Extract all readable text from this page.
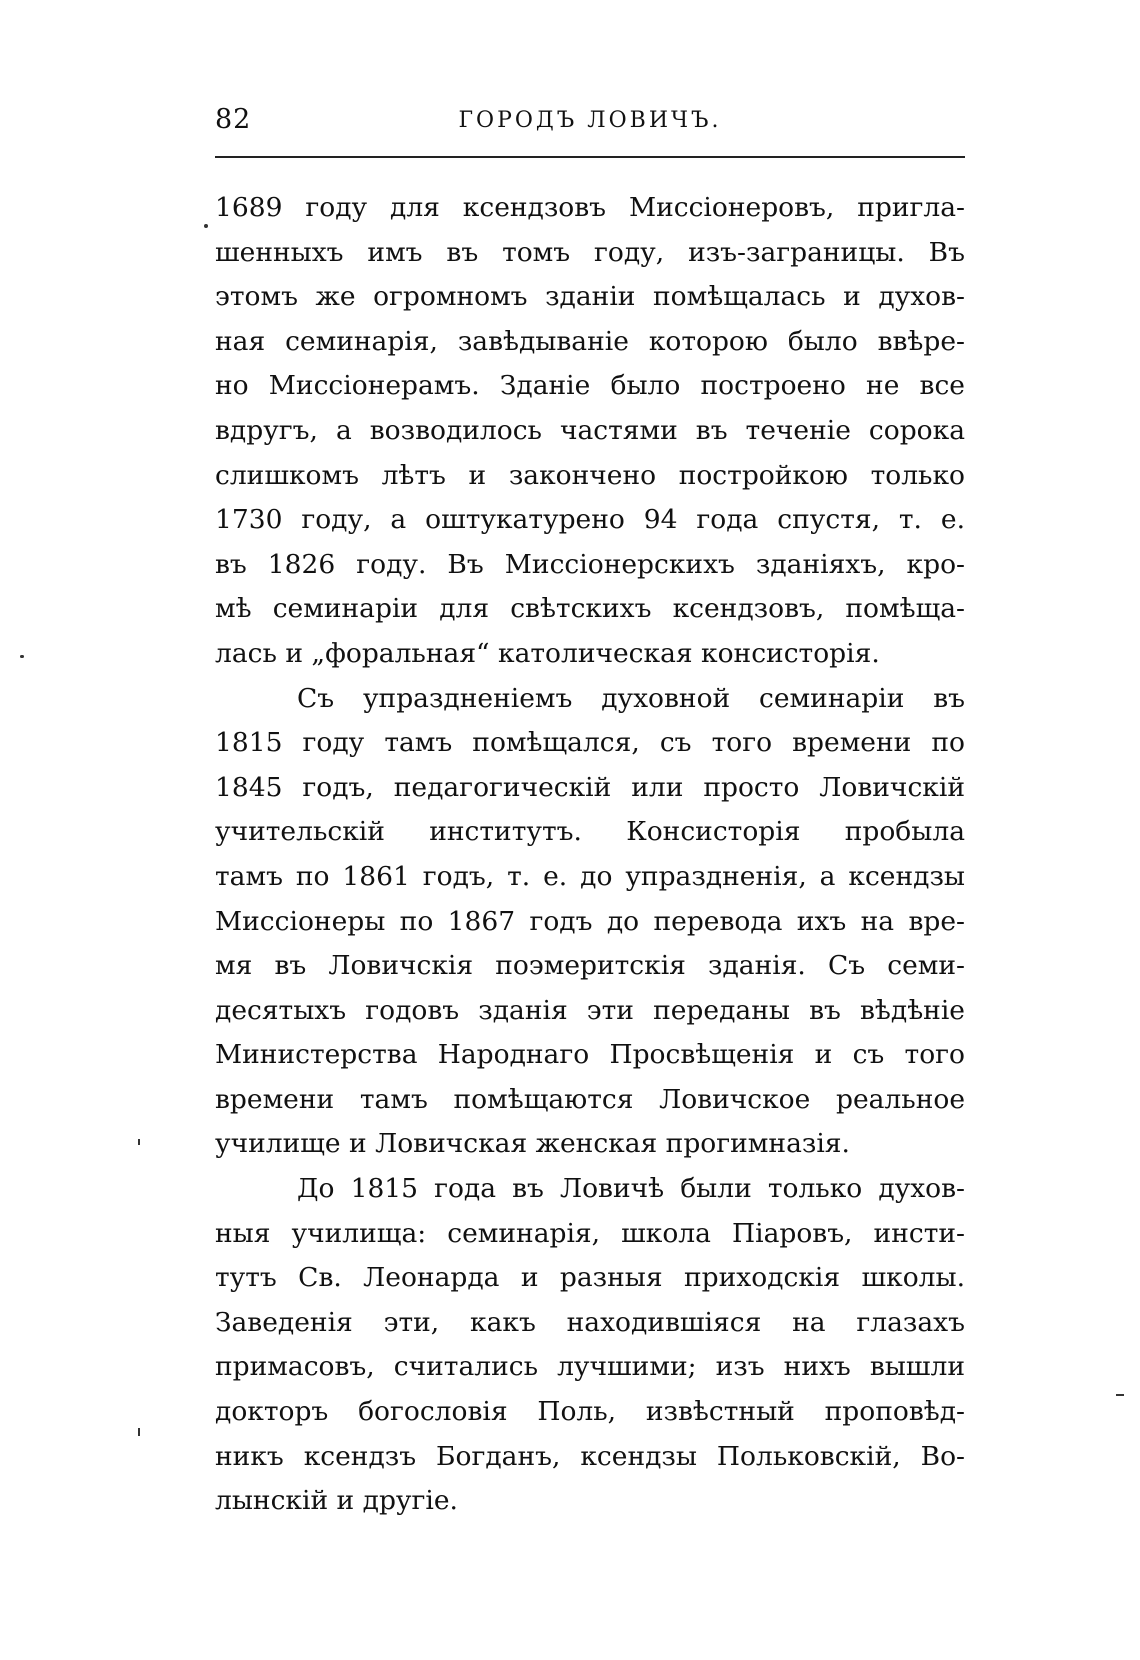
82	ГОРОДЪ ЛОВИЧЪ.
1689 году для ксендзовъ Миссіонеровъ, пригла-
шенныхъ имъ въ томъ году, изъ-заграницы. Въ
этомъ же огромномъ зданіи помѣщалась и духов-
ная семинарія, завѣдываніе которою было ввѣре-
но Миссіонерамъ. Зданіе было построено не все
вдругъ, а возводилось частями въ теченіе сорока
слишкомъ лѣтъ и закончено постройкою только
1730 году, а оштукатурено 94 года спустя, т. е.
въ 1826 году. Въ Миссіонерскихъ зданіяхъ, кро-
мѣ семинаріи для свѣтскихъ ксендзовъ, помѣща-
лась и „форальная“ католическая консисторія.
Съ упраздненіемъ духовной семинаріи въ
1815 году тамъ помѣщался, съ того времени по
1845 годъ, педагогическій или просто Ловичскій
учительскій институтъ. Консисторія пробыла
тамъ по 1861 годъ, т. е. до упраздненія, а ксендзы
Миссіонеры по 1867 годъ до перевода ихъ на вре-
мя въ Ловичскія поэмеритскія зданія. Съ семи-
десятыхъ годовъ зданія эти переданы въ вѣдѣніе
Министерства Народнаго Просвѣщенія и съ того
времени тамъ помѣщаются Ловичское реальное
училище и Ловичская женская прогимназія.
До 1815 года въ Ловичѣ были только духов-
ныя училища: семинарія, школа Піаровъ, инсти-
тутъ Св. Леонарда и разныя приходскія школы.
Заведенія эти, какъ находившіяся на глазахъ
примасовъ, считались лучшими; изъ нихъ вышли
докторъ богословія Поль, извѣстный проповѣд-
никъ ксендзъ Богданъ, ксендзы Польковскій, Во-
лынскій и другіе.
